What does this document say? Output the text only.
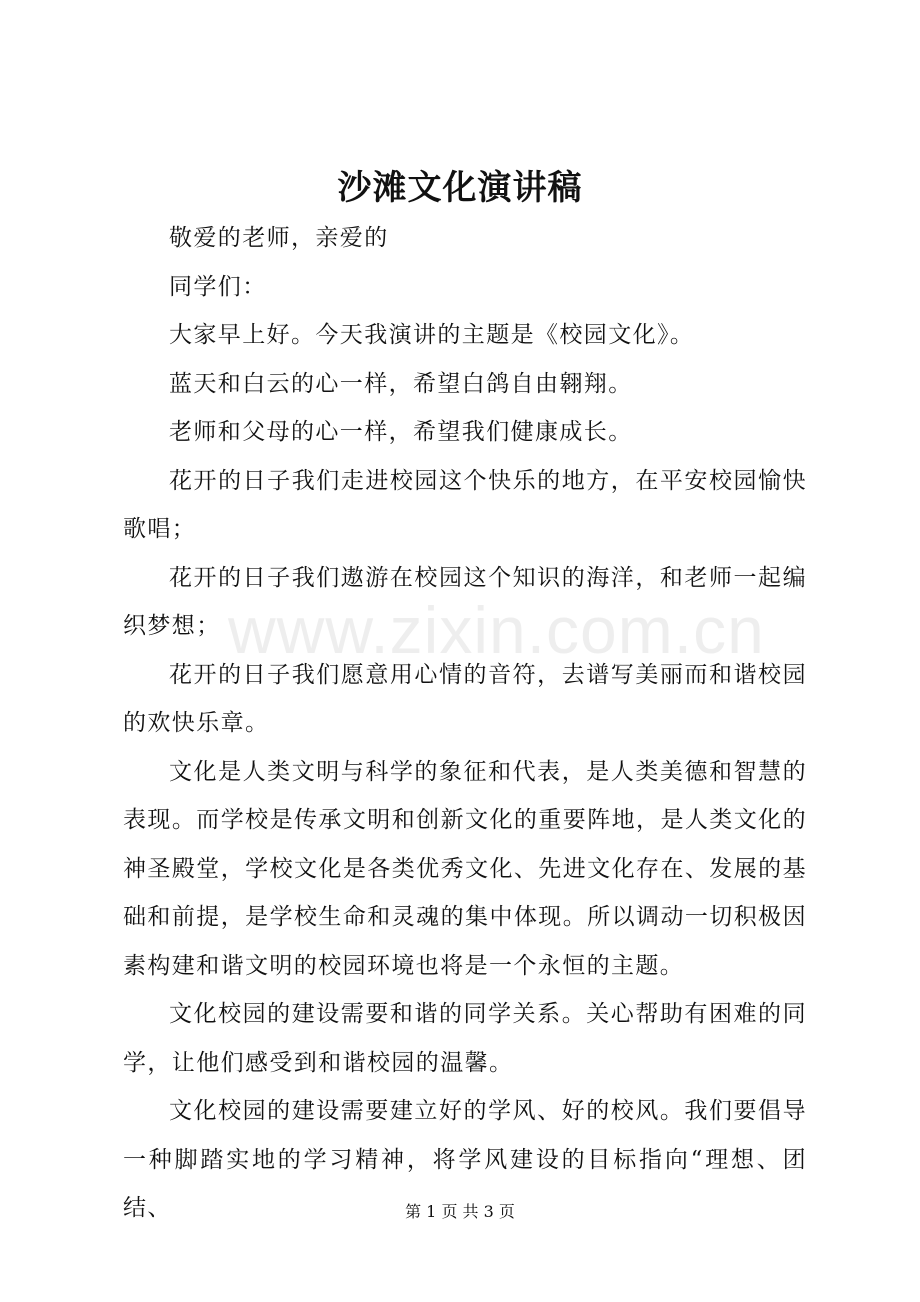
沙滩文化演讲稿

敬爱的老师，亲爱的

同学们：

大家早上好。今天我演讲的主题是《校园文化》。

蓝天和白云的心一样，希望白鸽自由翱翔。

老师和父母的心一样，希望我们健康成长。

花开的日子我们走进校园这个快乐的地方，在平安校园愉快歌唱；

花开的日子我们遨游在校园这个知识的海洋，和老师一起编织梦想；

花开的日子我们愿意用心情的音符，去谱写美丽而和谐校园的欢快乐章。

文化是人类文明与科学的象征和代表，是人类美德和智慧的表现。而学校是传承文明和创新文化的重要阵地，是人类文化的神圣殿堂，学校文化是各类优秀文化、先进文化存在、发展的基础和前提，是学校生命和灵魂的集中体现。所以调动一切积极因素构建和谐文明的校园环境也将是一个永恒的主题。

文化校园的建设需要和谐的同学关系。关心帮助有困难的同学，让他们感受到和谐校园的温馨。

文化校园的建设需要建立好的学风、好的校风。我们要倡导一种脚踏实地的学习精神，将学风建设的目标指向“理想、团结、

www.zixin.com.cn
第 1 页 共 3 页
